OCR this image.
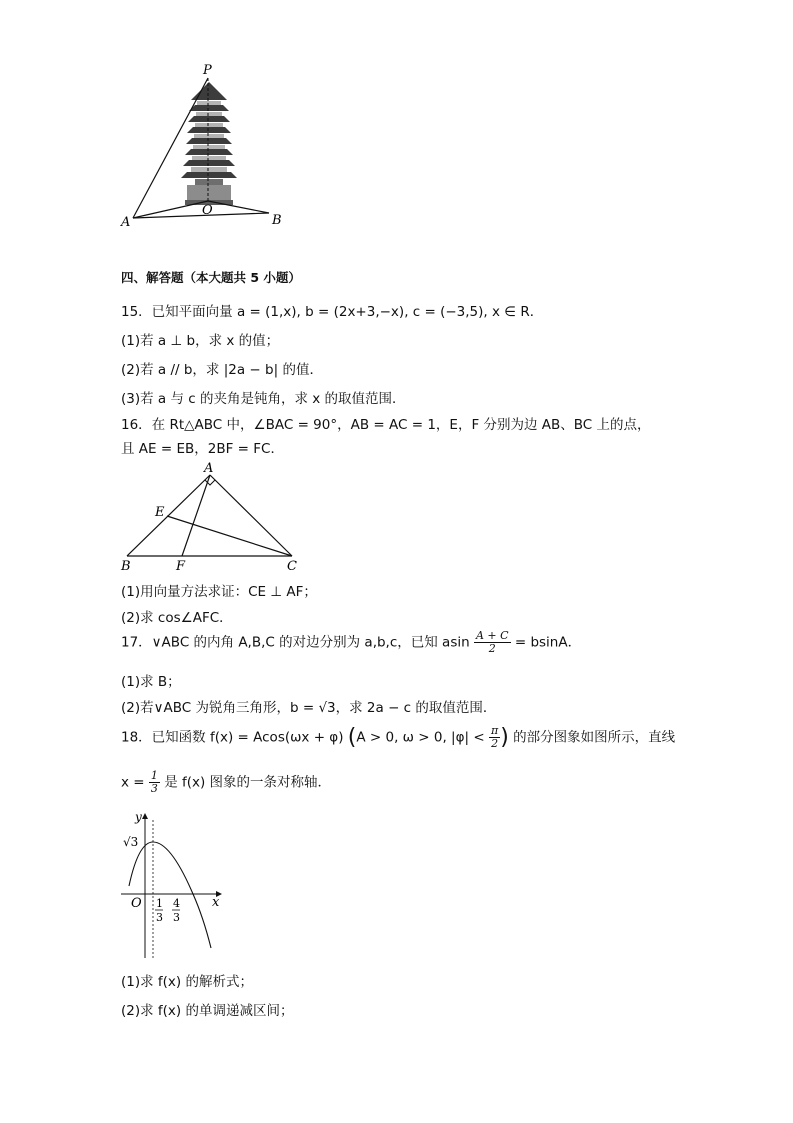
P
A
O
B
四、解答题（本大题共 5 小题）
15．已知平面向量 a = (1,x), b = (2x+3,−x), c = (−3,5), x ∈ R．
(1)若 a ⊥ b，求 x 的值；
(2)若 a // b，求 |2a − b| 的值．
(3)若 a 与 c 的夹角是钝角，求 x 的取值范围．
16．在 Rt△ABC 中，∠BAC = 90°，AB = AC = 1，E，F 分别为边 AB、BC 上的点，
且 AE = EB，2BF = FC．
A
E
B	F	C
(1)用向量方法求证：CE ⊥ AF；
(2)求 cos∠AFC．
17．∨ABC 的内角 A,B,C 的对边分别为 a,b,c，已知 asin $\frac{A + C}{2} = bsinA$．
(1)求 B；
(2)若∨ABC 为锐角三角形，b = √3，求 2a − c 的取值范围．
18．已知函数 f(x) = Acos(ωx + φ) (A > 0, ω > 0, $|\varphi| < \frac{\pi}{2}$ ) 的部分图象如图所示，直线
$x = \frac{1}{3}$ 是 f(x) 图象的一条对称轴．
y
x
O
√3
1
3
4
3
(1)求 f(x) 的解析式；
(2)求 f(x) 的单调递减区间；
